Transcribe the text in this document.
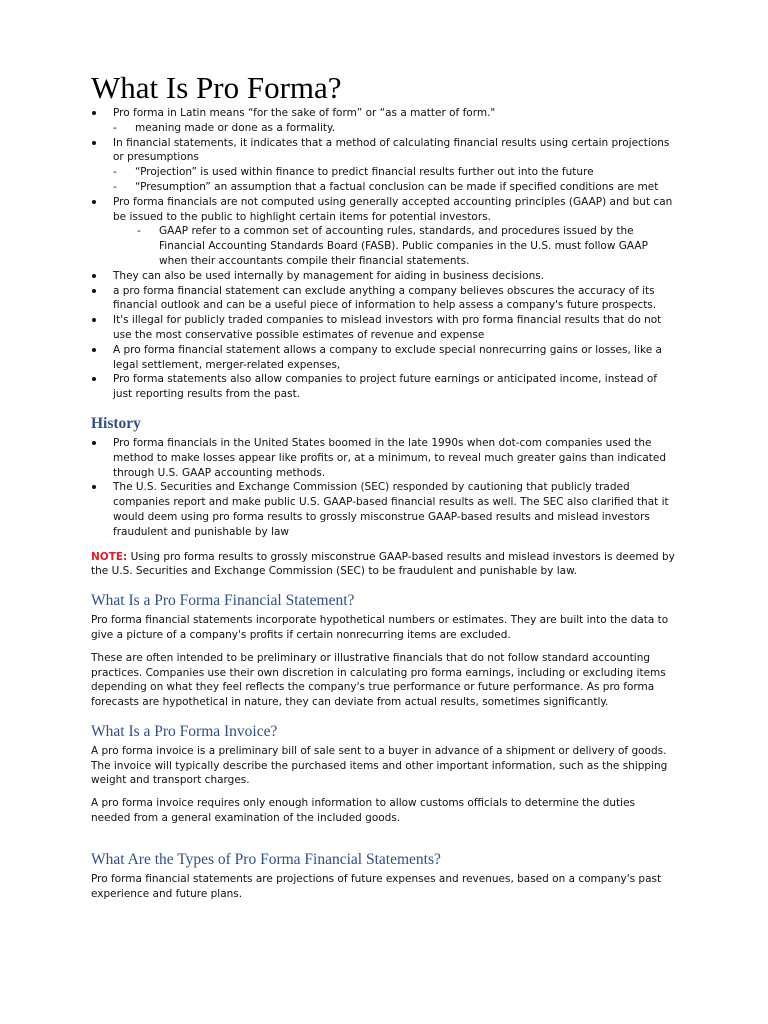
What Is Pro Forma?
Pro forma in Latin means “for the sake of form” or “as a matter of form."
- meaning made or done as a formality.
In financial statements, it indicates that a method of calculating financial results using certain projections or presumptions
- “Projection” is used within finance to predict financial results further out into the future
- “Presumption” an assumption that a factual conclusion can be made if specified conditions are met
Pro forma financials are not computed using generally accepted accounting principles (GAAP) and but can be issued to the public to highlight certain items for potential investors.
- GAAP refer to a common set of accounting rules, standards, and procedures issued by the Financial Accounting Standards Board (FASB). Public companies in the U.S. must follow GAAP when their accountants compile their financial statements.
They can also be used internally by management for aiding in business decisions.
a pro forma financial statement can exclude anything a company believes obscures the accuracy of its financial outlook and can be a useful piece of information to help assess a company's future prospects.
It's illegal for publicly traded companies to mislead investors with pro forma financial results that do not use the most conservative possible estimates of revenue and expense
A pro forma financial statement allows a company to exclude special nonrecurring gains or losses, like a legal settlement, merger-related expenses,
Pro forma statements also allow companies to project future earnings or anticipated income, instead of just reporting results from the past.
History
Pro forma financials in the United States boomed in the late 1990s when dot-com companies used the method to make losses appear like profits or, at a minimum, to reveal much greater gains than indicated through U.S. GAAP accounting methods.
The U.S. Securities and Exchange Commission (SEC) responded by cautioning that publicly traded companies report and make public U.S. GAAP-based financial results as well. The SEC also clarified that it would deem using pro forma results to grossly misconstrue GAAP-based results and mislead investors fraudulent and punishable by law

NOTE: Using pro forma results to grossly misconstrue GAAP-based results and mislead investors is deemed by the U.S. Securities and Exchange Commission (SEC) to be fraudulent and punishable by law.

What Is a Pro Forma Financial Statement?

Pro forma financial statements incorporate hypothetical numbers or estimates. They are built into the data to give a picture of a company's profits if certain nonrecurring items are excluded.

These are often intended to be preliminary or illustrative financials that do not follow standard accounting practices. Companies use their own discretion in calculating pro forma earnings, including or excluding items depending on what they feel reflects the company's true performance or future performance. As pro forma forecasts are hypothetical in nature, they can deviate from actual results, sometimes significantly.

What Is a Pro Forma Invoice?

A pro forma invoice is a preliminary bill of sale sent to a buyer in advance of a shipment or delivery of goods. The invoice will typically describe the purchased items and other important information, such as the shipping weight and transport charges.

A pro forma invoice requires only enough information to allow customs officials to determine the duties needed from a general examination of the included goods.

What Are the Types of Pro Forma Financial Statements?

Pro forma financial statements are projections of future expenses and revenues, based on a company's past experience and future plans.
